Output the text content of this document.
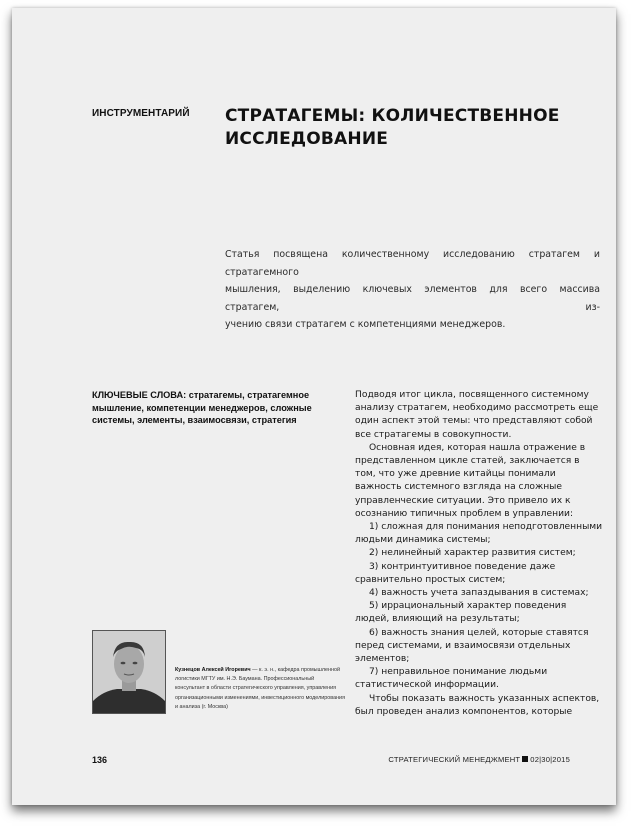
ИНСТРУМЕНТАРИЙ СТРАТАГЕМЫ: КОЛИЧЕСТВЕННОЕ
ИССЛЕДОВАНИЕ
Статья посвящена количественному исследованию стратагем и стратагемного
мышления, выделению ключевых элементов для всего массива стратагем, из-
учению связи стратагем с компетенциями менеджеров.
КЛЮЧЕВЫЕ СЛОВА: стратагемы, стратагемное мышление, компетенции менеджеров, сложные системы, элементы, взаимосвязи, стратегия

Подводя итог цикла, посвященного системному анализу стратагем, необходимо рассмотреть еще один аспект этой темы: что представляют собой все стратагемы в совокупности.

Основная идея, которая нашла отражение в представленном цикле статей, заключается в том, что уже древние китайцы понимали важность системного взгляда на сложные управленческие ситуации. Это привело их к осознанию типичных проблем в управлении:

1) сложная для понимания неподготовленными людьми динамика системы;

2) нелинейный характер развития систем;

3) контринтуитивное поведение даже сравнительно простых систем;

4) важность учета запаздывания в системах;

5) иррациональный характер поведения людей, влияющий на результаты;

6) важность знания целей, которые ставятся перед системами, и взаимосвязи отдельных элементов;

7) неправильное понимание людьми статистической информации.

Чтобы показать важность указанных аспектов, был проведен анализ компонентов, которые

Кузнецов Алексей Игоревич — к. э. н., кафедра промышленной логистики МГТУ им. Н.Э. Баумана. Профессиональный консультант в области стратегического управления, управления организационными изменениями, инвестиционного моделирования и анализа (г. Москва)
136	СТРАТЕГИЧЕСКИЙ МЕНЕДЖМЕНТ 02|30|2015
